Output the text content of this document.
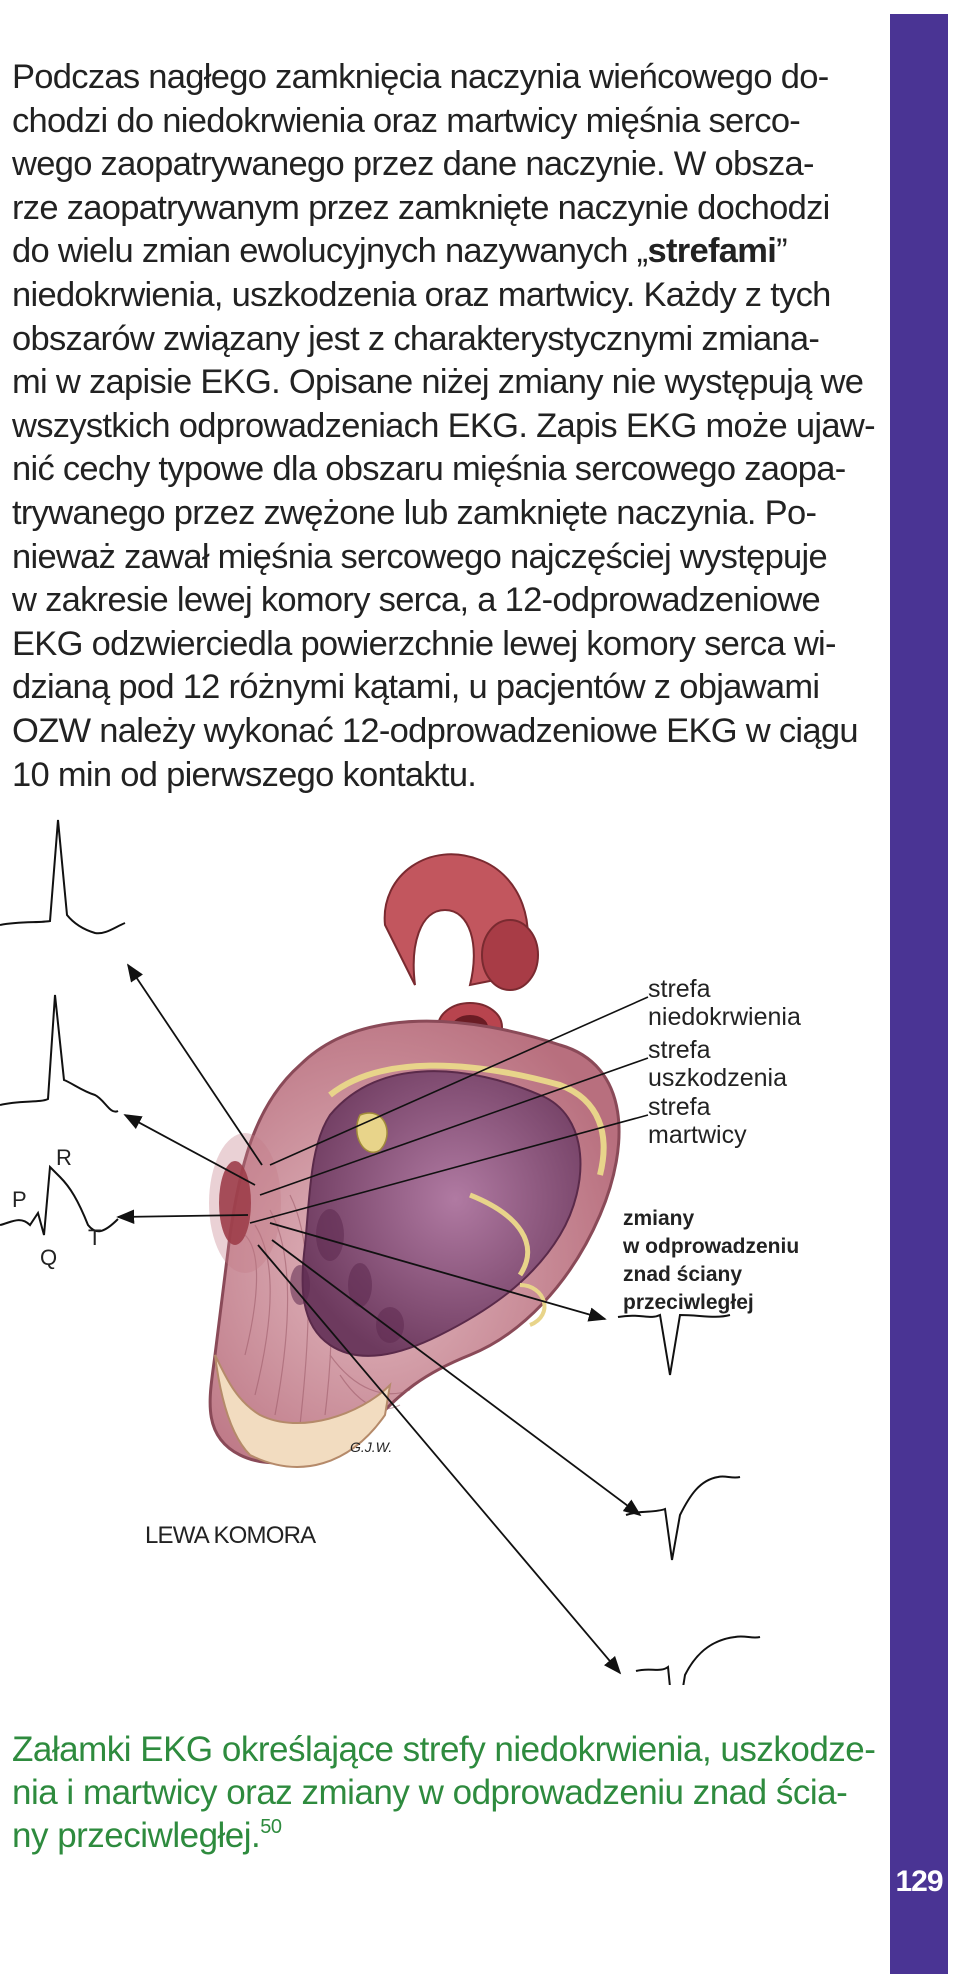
129
Podczas nagłego zamknięcia naczynia wieńcowego do-
chodzi do niedokrwienia oraz martwicy mięśnia serco-
wego zaopatrywanego przez dane naczynie. W obsza-
rze zaopatrywanym przez zamknięte naczynie dochodzi
do wielu zmian ewolucyjnych nazywanych „strefami”
niedokrwienia, uszkodzenia oraz martwicy. Każdy z tych
obszarów związany jest z charakterystycznymi zmiana-
mi w zapisie EKG. Opisane niżej zmiany nie występują we
wszystkich odprowadzeniach EKG. Zapis EKG może ujaw-
nić cechy typowe dla obszaru mięśnia sercowego zaopa-
trywanego przez zwężone lub zamknięte naczynia. Po-
nieważ zawał mięśnia sercowego najczęściej występuje
w zakresie lewej komory serca, a 12-odprowadzeniowe
EKG odzwierciedla powierzchnie lewej komory serca wi-
dzianą pod 12 różnymi kątami, u pacjentów z objawami
OZW należy wykonać 12-odprowadzeniowe EKG w ciągu
10 min od pierwszego kontaktu.
G.J.W.
R
P
Q
T
strefa
niedokrwienia
strefa
uszkodzenia
strefa
martwicy
zmiany
w odprowadzeniu
znad ściany
przeciwległej
LEWA KOMORA
Załamki EKG określające strefy niedokrwienia, uszkodze-
nia i martwicy oraz zmiany w odprowadzeniu znad ścia-
ny przeciwległej.$^{50}$
